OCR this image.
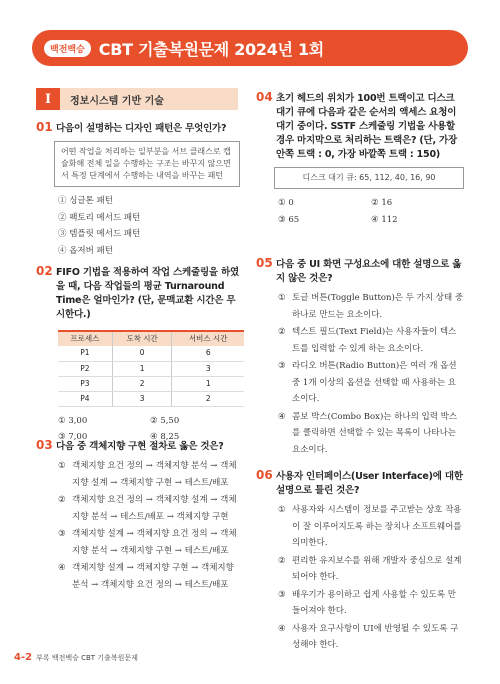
백전백승 CBT 기출복원문제 2024년 1회
I	정보시스템 기반 기술
01 다음이 설명하는 디자인 패턴은 무엇인가?
어떤 작업을 처리하는 일부분을 서브 클래스로 캡슐화해 전체 일을 수행하는 구조는 바꾸지 않으면서 특정 단계에서 수행하는 내역을 바꾸는 패턴
① 싱글톤 패턴
② 팩토리 메서드 패턴
③ 템플릿 메서드 패턴
④ 옵저버 패턴
02 FIFO 기법을 적용하여 작업 스케줄링을 하였을 때, 다음 작업들의 평균 Turnaround Time은 얼마인가? (단, 문맥교환 시간은 무시한다.)
프로세스	도착 시간	서비스 시간
P1	0	6
P2	1	3
P3	2	1
P4	3	2
① 3,00	② 5,50
③ 7,00	④ 8,25
03 다음 중 객체지향 구현 절차로 옳은 것은?
① 객체지향 요건 정의 → 객체지향 분석 → 객체지향 설계 → 객체지향 구현 → 테스트/배포
② 객체지향 요건 정의 → 객체지향 설계 → 객체지향 분석 → 테스트/배포 → 객체지향 구현
③ 객체지향 설계 → 객체지향 요건 정의 → 객체지향 분석 → 객체지향 구현 → 테스트/배포
④ 객체지향 설계 → 객체지향 구현 → 객체지향 분석 → 객체지향 요건 정의 → 테스트/배포
04 초기 헤드의 위치가 100번 트랙이고 디스크 대기 큐에 다음과 같은 순서의 액세스 요청이 대기 중이다. SSTF 스케줄링 기법을 사용할 경우 마지막으로 처리하는 트랙은? (단, 가장 안쪽 트랙 : 0, 가장 바깥쪽 트랙 : 150)
디스크 대기 큐: 65, 112, 40, 16, 90
① 0	② 16
③ 65	④ 112
05 다음 중 UI 화면 구성요소에 대한 설명으로 옳지 않은 것은?
① 토글 버튼(Toggle Button)은 두 가지 상태 중 하나로 만드는 요소이다.
② 텍스트 필드(Text Field)는 사용자들이 텍스트를 입력할 수 있게 하는 요소이다.
③ 라디오 버튼(Radio Button)은 여러 개 옵션 중 1개 이상의 옵션을 선택할 때 사용하는 요소이다.
④ 콤보 박스(Combo Box)는 하나의 입력 박스를 클릭하면 선택할 수 있는 목록이 나타나는 요소이다.
06 사용자 인터페이스(User Interface)에 대한 설명으로 틀린 것은?
① 사용자와 시스템이 정보를 주고받는 상호 작용이 잘 이루어지도록 하는 장치나 소프트웨어를 의미한다.
② 편리한 유지보수를 위해 개발자 중심으로 설계되어야 한다.
③ 배우기가 용이하고 쉽게 사용할 수 있도록 만들어져야 한다.
④ 사용자 요구사항이 UI에 반영될 수 있도록 구성해야 한다.
4-2 부록 백전백승 CBT 기출복원문제
